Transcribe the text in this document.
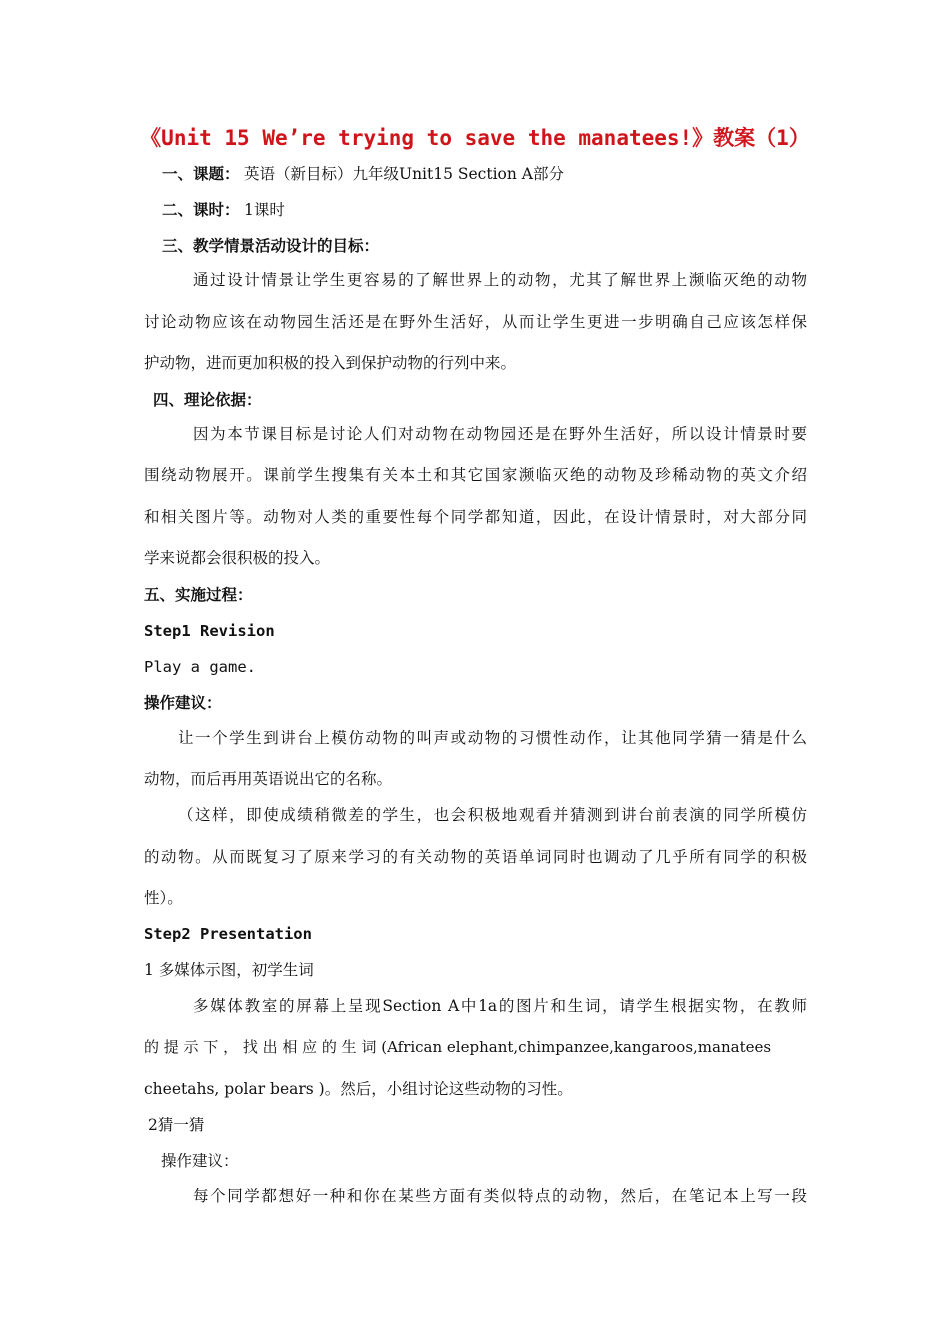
《Unit 15 We’re trying to save the manatees!》教案（1）
一、课题： 英语（新目标）九年级Unit15 Section A部分
二、课时： 1课时
三、教学情景活动设计的目标：
通过设计情景让学生更容易的了解世界上的动物，尤其了解世界上濒临灭绝的动物
讨论动物应该在动物园生活还是在野外生活好，从而让学生更进一步明确自己应该怎样保
护动物，进而更加积极的投入到保护动物的行列中来。
四、理论依据：
因为本节课目标是讨论人们对动物在动物园还是在野外生活好，所以设计情景时要
围绕动物展开。课前学生搜集有关本土和其它国家濒临灭绝的动物及珍稀动物的英文介绍
和相关图片等。动物对人类的重要性每个同学都知道，因此，在设计情景时，对大部分同
学来说都会很积极的投入。
五、实施过程：
Step1 Revision
Play a game.
操作建议：
让一个学生到讲台上模仿动物的叫声或动物的习惯性动作，让其他同学猜一猜是什么
动物，而后再用英语说出它的名称。
（这样，即使成绩稍微差的学生，也会积极地观看并猜测到讲台前表演的同学所模仿
的动物。从而既复习了原来学习的有关动物的英语单词同时也调动了几乎所有同学的积极
性）。
Step2 Presentation
1 多媒体示图，初学生词
多媒体教室的屏幕上呈现Section A中1a的图片和生词，请学生根据实物，在教师
的 提 示 下 ， 找 出 相 应 的 生 词 (African elephant,chimpanzee,kangaroos,manatees
cheetahs, polar bears )。然后，小组讨论这些动物的习性。
2猜一猜
操作建议：
每个同学都想好一种和你在某些方面有类似特点的动物，然后，在笔记本上写一段
